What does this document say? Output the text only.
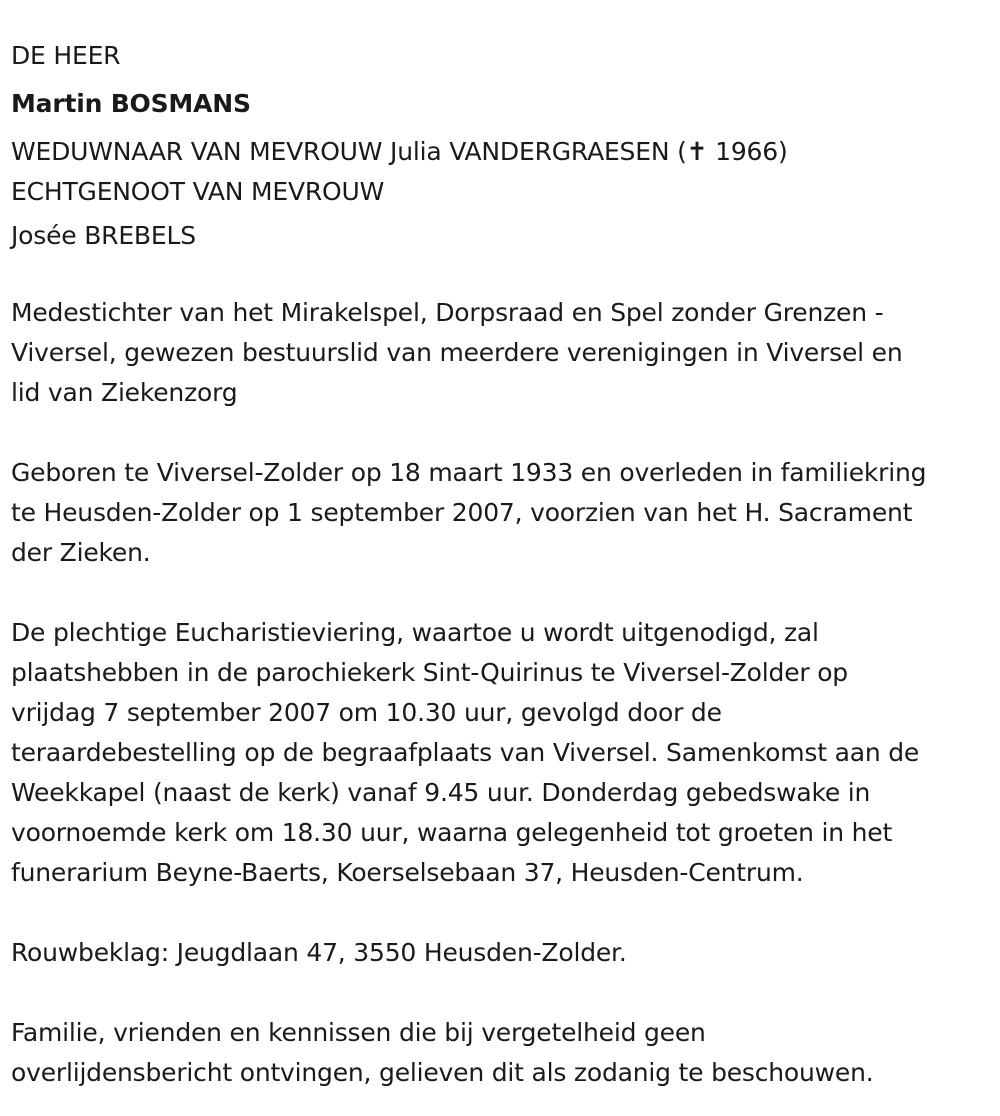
DE HEER
Martin BOSMANS
WEDUWNAAR VAN MEVROUW Julia VANDERGRAESEN (✝ 1966)
ECHTGENOOT VAN MEVROUW
Josée BREBELS
Medestichter van het Mirakelspel, Dorpsraad en Spel zonder Grenzen -
Viversel, gewezen bestuurslid van meerdere verenigingen in Viversel en
lid van Ziekenzorg
Geboren te Viversel-Zolder op 18 maart 1933 en overleden in familiekring
te Heusden-Zolder op 1 september 2007, voorzien van het H. Sacrament
der Zieken.
De plechtige Eucharistieviering, waartoe u wordt uitgenodigd, zal
plaatshebben in de parochiekerk Sint-Quirinus te Viversel-Zolder op
vrijdag 7 september 2007 om 10.30 uur, gevolgd door de
teraardebestelling op de begraafplaats van Viversel. Samenkomst aan de
Weekkapel (naast de kerk) vanaf 9.45 uur. Donderdag gebedswake in
voornoemde kerk om 18.30 uur, waarna gelegenheid tot groeten in het
funerarium Beyne-Baerts, Koerselsebaan 37, Heusden-Centrum.
Rouwbeklag: Jeugdlaan 47, 3550 Heusden-Zolder.
Familie, vrienden en kennissen die bij vergetelheid geen
overlijdensbericht ontvingen, gelieven dit als zodanig te beschouwen.
